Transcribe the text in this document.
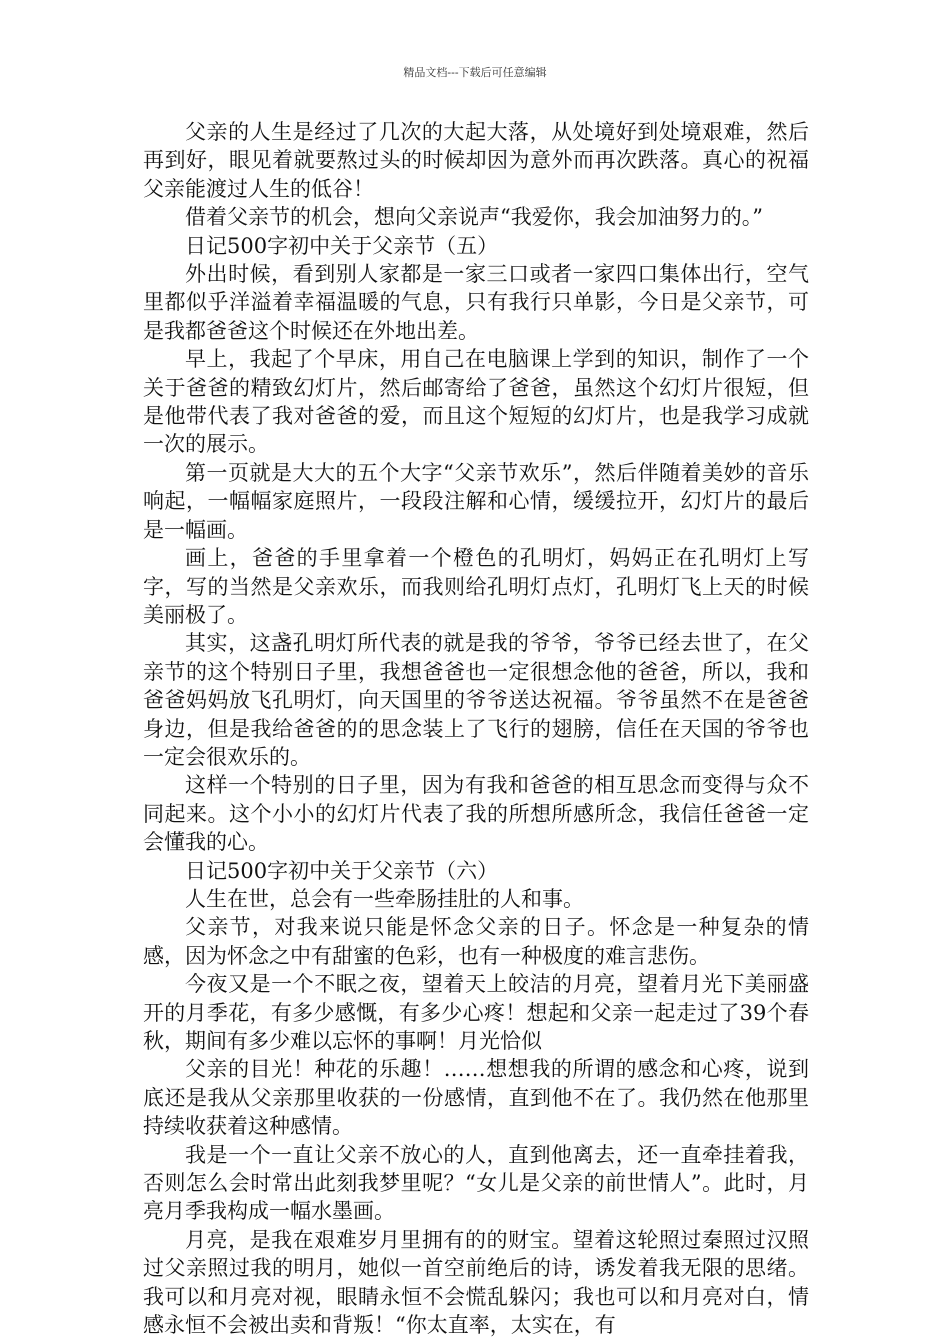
精品文档---下载后可任意编辑

父亲的人生是经过了几次的大起大落，从处境好到处境艰难，然后再到好，眼见着就要熬过头的时候却因为意外而再次跌落。真心的祝福父亲能渡过人生的低谷！

借着父亲节的机会，想向父亲说声“我爱你，我会加油努力的。”

日记500字初中关于父亲节（五）

外出时候，看到别人家都是一家三口或者一家四口集体出行，空气里都似乎洋溢着幸福温暖的气息，只有我行只单影，今日是父亲节，可是我都爸爸这个时候还在外地出差。

早上，我起了个早床，用自己在电脑课上学到的知识，制作了一个关于爸爸的精致幻灯片，然后邮寄给了爸爸，虽然这个幻灯片很短，但是他带代表了我对爸爸的爱，而且这个短短的幻灯片，也是我学习成就一次的展示。

第一页就是大大的五个大字“父亲节欢乐”，然后伴随着美妙的音乐响起，一幅幅家庭照片，一段段注解和心情，缓缓拉开，幻灯片的最后是一幅画。

画上，爸爸的手里拿着一个橙色的孔明灯，妈妈正在孔明灯上写字，写的当然是父亲欢乐，而我则给孔明灯点灯，孔明灯飞上天的时候美丽极了。

其实，这盏孔明灯所代表的就是我的爷爷，爷爷已经去世了，在父亲节的这个特别日子里，我想爸爸也一定很想念他的爸爸，所以，我和爸爸妈妈放飞孔明灯，向天国里的爷爷送达祝福。爷爷虽然不在是爸爸身边，但是我给爸爸的的思念装上了飞行的翅膀，信任在天国的爷爷也一定会很欢乐的。

这样一个特别的日子里，因为有我和爸爸的相互思念而变得与众不同起来。这个小小的幻灯片代表了我的所想所感所念，我信任爸爸一定会懂我的心。

日记500字初中关于父亲节（六）

人生在世，总会有一些牵肠挂肚的人和事。

父亲节，对我来说只能是怀念父亲的日子。怀念是一种复杂的情感，因为怀念之中有甜蜜的色彩，也有一种极度的难言悲伤。

今夜又是一个不眠之夜，望着天上皎洁的月亮，望着月光下美丽盛开的月季花，有多少感慨，有多少心疼！想起和父亲一起走过了39个春秋，期间有多少难以忘怀的事啊！月光恰似

父亲的目光！种花的乐趣！……想想我的所谓的感念和心疼，说到底还是我从父亲那里收获的一份感情，直到他不在了。我仍然在他那里持续收获着这种感情。

我是一个一直让父亲不放心的人，直到他离去，还一直牵挂着我，否则怎么会时常出此刻我梦里呢？“女儿是父亲的前世情人”。此时，月亮月季我构成一幅水墨画。

月亮，是我在艰难岁月里拥有的的财宝。望着这轮照过秦照过汉照过父亲照过我的明月，她似一首空前绝后的诗，诱发着我无限的思绪。我可以和月亮对视，眼睛永恒不会慌乱躲闪；我也可以和月亮对白，情感永恒不会被出卖和背叛！“你太直率，太实在，有
